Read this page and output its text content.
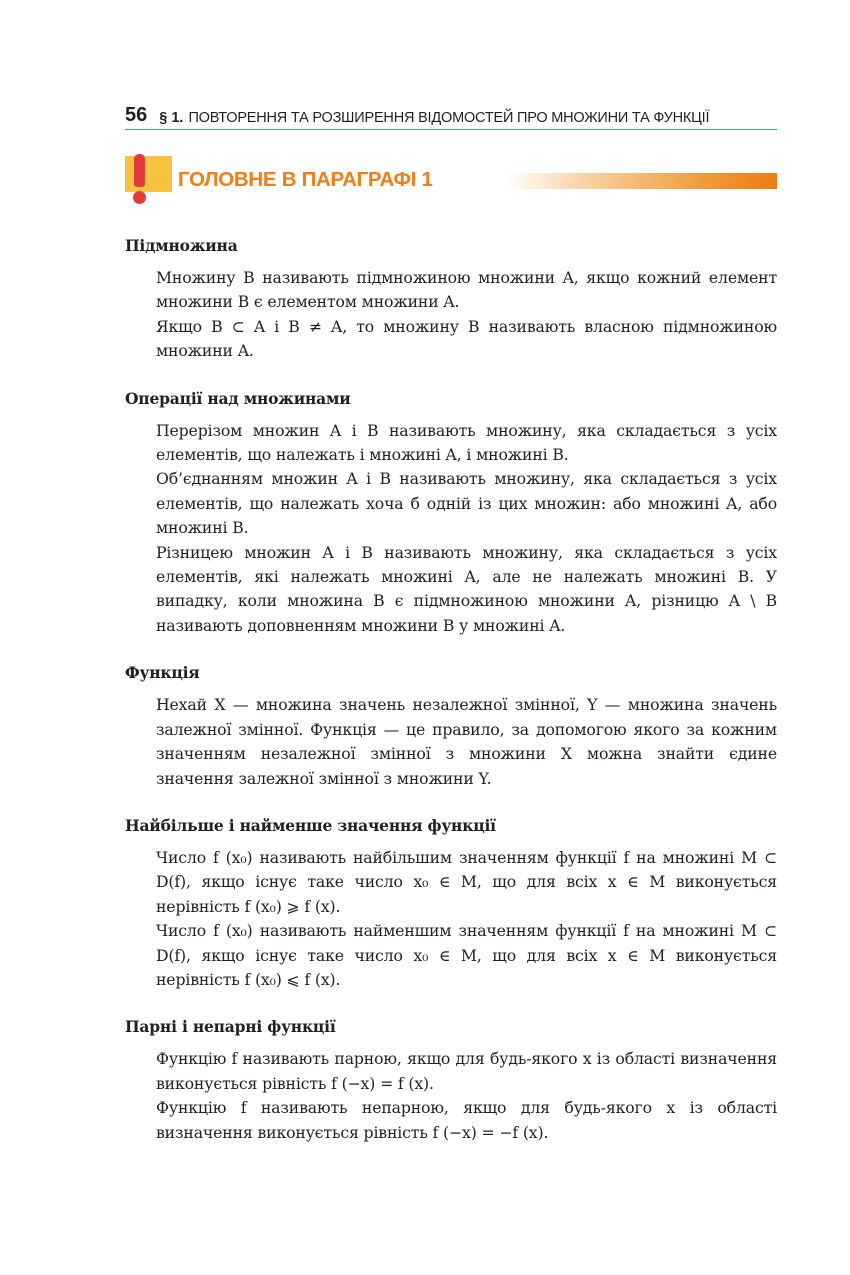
56 § 1. ПОВТОРЕННЯ ТА РОЗШИРЕННЯ ВІДОМОСТЕЙ ПРО МНОЖИНИ ТА ФУНКЦІЇ
ГОЛОВНЕ В ПАРАГРАФІ 1

Підмножина

Множину B називають підмножиною множини A, якщо кожний елемент множини B є елементом множини A.

Якщо B ⊂ A і B ≠ A, то множину B називають власною підмножиною множини A.

Операції над множинами

Перерізом множин A і B називають множину, яка складається з усіх елементів, що належать і множині A, і множині B.

Об’єднанням множин A і B називають множину, яка складається з усіх елементів, що належать хоча б одній із цих множин: або множині A, або множині B.

Різницею множин A і B називають множину, яка складається з усіх елементів, які належать множині A, але не належать множині B. У випадку, коли множина B є підмножиною множини A, різницю A \ B називають доповненням множини B у множині A.

Функція

Нехай X — множина значень незалежної змінної, Y — множина значень залежної змінної. Функція — це правило, за допомогою якого за кожним значенням незалежної змінної з множини X можна знайти єдине значення залежної змінної з множини Y.

Найбільше і найменше значення функції

Число f (x₀) називають найбільшим значенням функції f на множині M ⊂ D(f), якщо існує таке число x₀ ∈ M, що для всіх x ∈ M виконується нерівність f (x₀) ⩾ f (x).

Число f (x₀) називають найменшим значенням функції f на множині M ⊂ D(f), якщо існує таке число x₀ ∈ M, що для всіх x ∈ M виконується нерівність f (x₀) ⩽ f (x).

Парні і непарні функції

Функцію f називають парною, якщо для будь-якого x із області визначення виконується рівність f (−x) = f (x).

Функцію f називають непарною, якщо для будь-якого x із області визначення виконується рівність f (−x) = −f (x).
